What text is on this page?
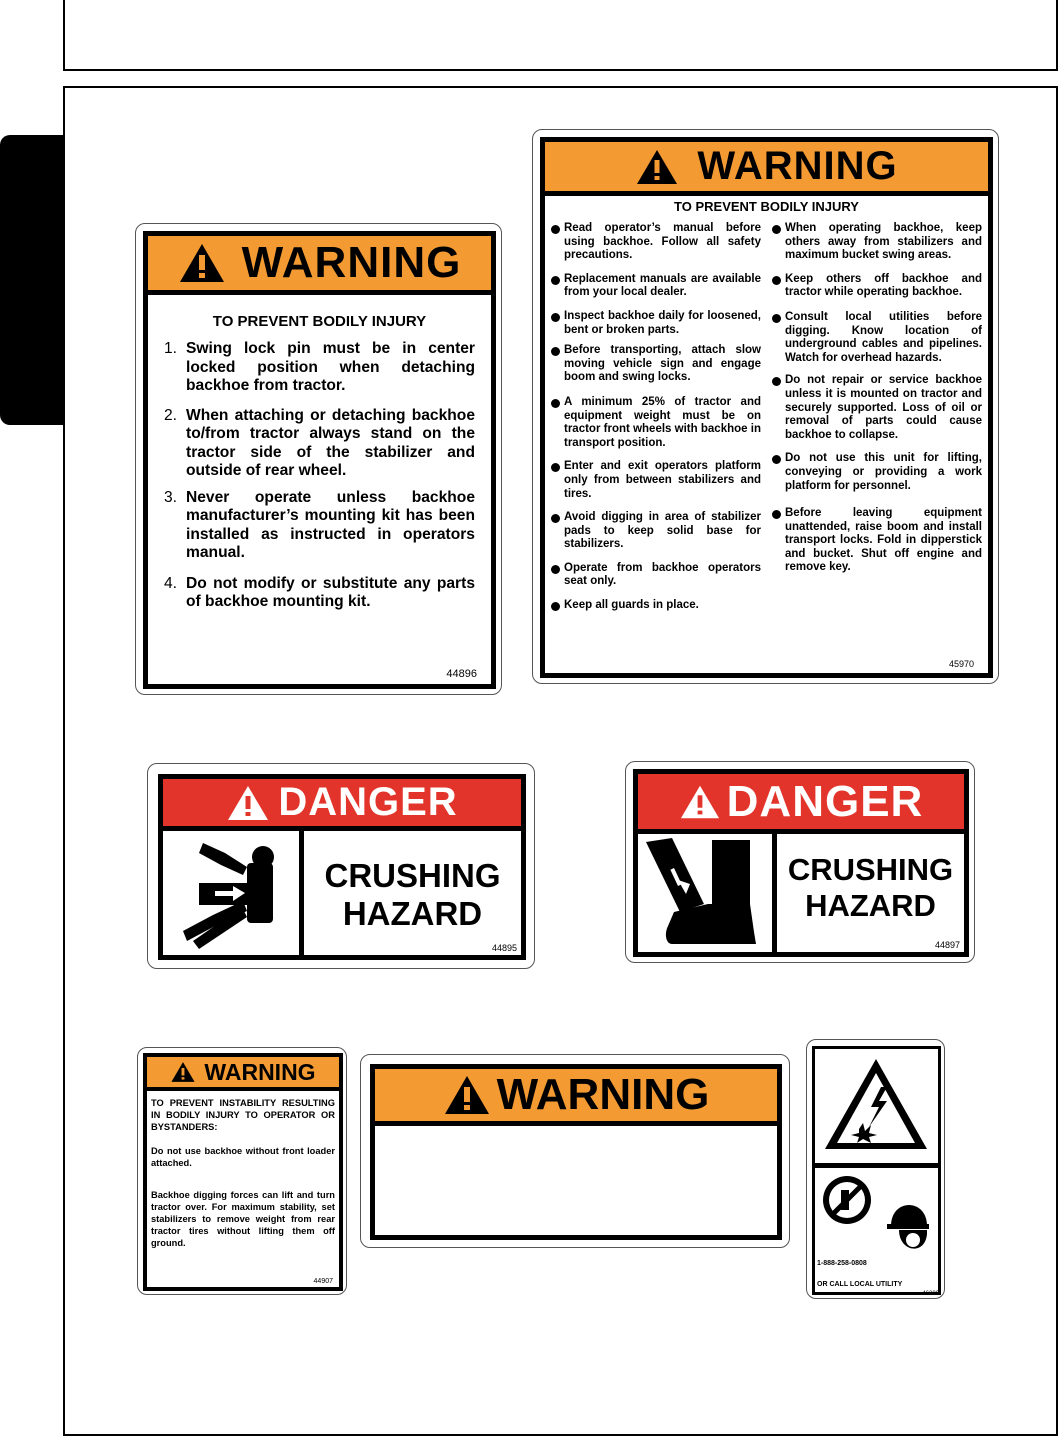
WARNING
TO PREVENT BODILY INJURY
1. Swing lock pin must be in center locked position when detaching backhoe from tractor.
2. When attaching or detaching backhoe to/from tractor always stand on the tractor side of the stabilizer and outside of rear wheel.
3. Never operate unless backhoe manufacturer’s mounting kit has been installed as instructed in operators manual.
4. Do not modify or substitute any parts of backhoe mounting kit.
44896
WARNING
TO PREVENT BODILY INJURY
Read operator’s manual before using backhoe. Follow all safety precautions.
Replacement manuals are available from your local dealer.
Inspect backhoe daily for loosened, bent or broken parts.
Before transporting, attach slow moving vehicle sign and engage boom and swing locks.
A minimum 25% of tractor and equipment weight must be on tractor front wheels with backhoe in transport position.
Enter and exit operators platform only from between stabilizers and tires.
Avoid digging in area of stabilizer pads to keep solid base for stabilizers.
Operate from backhoe operators seat only.
Keep all guards in place.
When operating backhoe, keep others away from stabilizers and maximum bucket swing areas.
Keep others off backhoe and tractor while operating backhoe.
Consult local utilities before digging. Know location of underground cables and pipelines. Watch for overhead hazards.
Do not repair or service backhoe unless it is mounted on tractor and securely supported. Loss of oil or removal of parts could cause backhoe to collapse.
Do not use this unit for lifting, conveying or providing a work platform for personnel.
Before leaving equipment unattended, raise boom and install transport locks. Fold in dipperstick and bucket. Shut off engine and remove key.
45970
DANGER
CRUSHING
HAZARD
44895
DANGER
CRUSHING
HAZARD
44897
WARNING
TO PREVENT INSTABILITY RESULTING IN BODILY INJURY TO OPERATOR OR BYSTANDERS:
Do not use backhoe without front loader attached.
Backhoe digging forces can lift and turn tractor over. For maximum stability, set stabilizers to remove weight from rear tractor tires without lifting them off ground.
44907
WARNING
1-888-258-0808
OR CALL LOCAL UTILITY
46280
